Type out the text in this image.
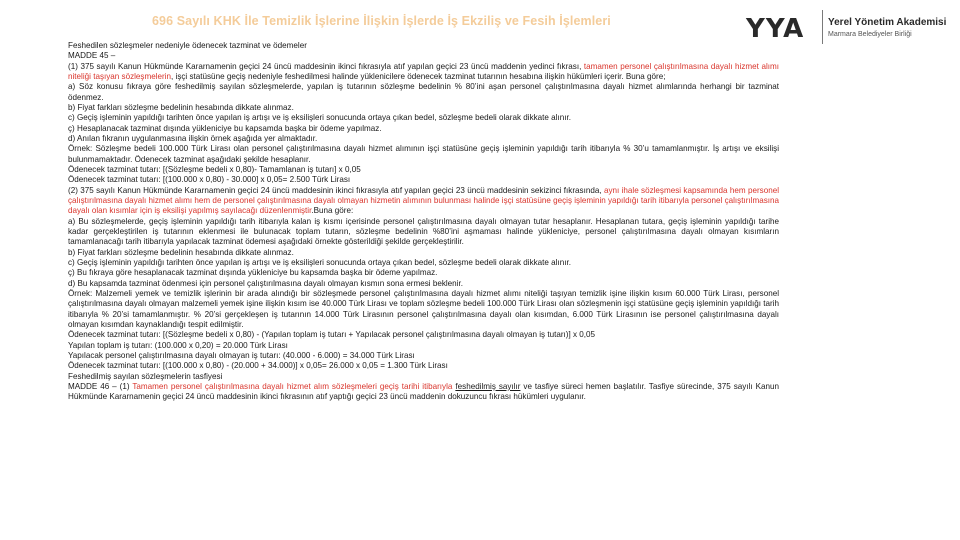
696 Sayılı KHK İle Temizlik İşlerine İlişkin İşlerde İş Ekziliş ve Fesih İşlemleri	YYA Yerel Yönetim Akademisi
Marmara Belediyeler Birliği

Feshedilen sözleşmeler nedeniyle ödenecek tazminat ve ödemeler

MADDE 45 –

(1) 375 sayılı Kanun Hükmünde Kararnamenin geçici 24 üncü maddesinin ikinci fıkrasıyla atıf yapılan geçici 23 üncü maddenin yedinci fıkrası, tamamen personel çalıştırılmasına dayalı hizmet alımı niteliği taşıyan sözleşmelerin, işçi statüsüne geçiş nedeniyle feshedilmesi halinde yüklenicilere ödenecek tazminat tutarının hesabına ilişkin hükümleri içerir. Buna göre;

a) Söz konusu fıkraya göre feshedilmiş sayılan sözleşmelerde, yapılan iş tutarının sözleşme bedelinin % 80’ini aşan personel çalıştırılmasına dayalı hizmet alımlarında herhangi bir tazminat ödenmez.

b) Fiyat farkları sözleşme bedelinin hesabında dikkate alınmaz.

c) Geçiş işleminin yapıldığı tarihten önce yapılan iş artışı ve iş eksilişleri sonucunda ortaya çıkan bedel, sözleşme bedeli olarak dikkate alınır.

ç) Hesaplanacak tazminat dışında yükleniciye bu kapsamda başka bir ödeme yapılmaz.

d) Anılan fıkranın uygulanmasına ilişkin örnek aşağıda yer almaktadır.

Örnek: Sözleşme bedeli 100.000 Türk Lirası olan personel çalıştırılmasına dayalı hizmet alımının işçi statüsüne geçiş işleminin yapıldığı tarih itibarıyla % 30’u tamamlanmıştır. İş artışı ve eksilişi bulunmamaktadır. Ödenecek tazminat aşağıdaki şekilde hesaplanır.

Ödenecek tazminat tutarı: [(Sözleşme bedeli x 0,80)- Tamamlanan iş tutarı] x 0,05

Ödenecek tazminat tutarı: [(100.000 x 0,80) - 30.000] x 0,05= 2.500 Türk Lirası

(2) 375 sayılı Kanun Hükmünde Kararnamenin geçici 24 üncü maddesinin ikinci fıkrasıyla atıf yapılan geçici 23 üncü maddesinin sekizinci fıkrasında, aynı ihale sözleşmesi kapsamında hem personel çalıştırılmasına dayalı hizmet alımı hem de personel çalıştırılmasına dayalı olmayan hizmetin alımının bulunması halinde işçi statüsüne geçiş işleminin yapıldığı tarih itibarıyla personel çalıştırılmasına dayalı olan kısımlar için iş eksilişi yapılmış sayılacağı düzenlenmiştir.Buna göre:

a) Bu sözleşmelerde, geçiş işleminin yapıldığı tarih itibarıyla kalan iş kısmı içerisinde personel çalıştırılmasına dayalı olmayan tutar hesaplanır. Hesaplanan tutara, geçiş işleminin yapıldığı tarihe kadar gerçekleştirilen iş tutarının eklenmesi ile bulunacak toplam tutarın, sözleşme bedelinin %80’ini aşmaması halinde yükleniciye, personel çalıştırılmasına dayalı olmayan kısımların tamamlanacağı tarih itibarıyla yapılacak tazminat ödemesi aşağıdaki örnekte gösterildiği şekilde gerçekleştirilir.

b) Fiyat farkları sözleşme bedelinin hesabında dikkate alınmaz.

c) Geçiş işleminin yapıldığı tarihten önce yapılan iş artışı ve iş eksilişleri sonucunda ortaya çıkan bedel, sözleşme bedeli olarak dikkate alınır.

ç) Bu fıkraya göre hesaplanacak tazminat dışında yükleniciye bu kapsamda başka bir ödeme yapılmaz.

d) Bu kapsamda tazminat ödenmesi için personel çalıştırılmasına dayalı olmayan kısmın sona ermesi beklenir.

Örnek: Malzemeli yemek ve temizlik işlerinin bir arada alındığı bir sözleşmede personel çalıştırılmasına dayalı hizmet alımı niteliği taşıyan temizlik işine ilişkin kısım 60.000 Türk Lirası, personel çalıştırılmasına dayalı olmayan malzemeli yemek işine ilişkin kısım ise 40.000 Türk Lirası ve toplam sözleşme bedeli 100.000 Türk Lirası olan sözleşmenin işçi statüsüne geçiş işleminin yapıldığı tarih itibarıyla % 20’si tamamlanmıştır. % 20’si gerçekleşen iş tutarının 14.000 Türk Lirasının personel çalıştırılmasına dayalı olan kısımdan, 6.000 Türk Lirasının ise personel çalıştırılmasına dayalı olmayan kısımdan kaynaklandığı tespit edilmiştir.

Ödenecek tazminat tutarı: [(Sözleşme bedeli x 0,80) - (Yapılan toplam iş tutarı + Yapılacak personel çalıştırılmasına dayalı olmayan iş tutarı)] x 0,05

Yapılan toplam iş tutarı: (100.000 x 0,20) = 20.000 Türk Lirası

Yapılacak personel çalıştırılmasına dayalı olmayan iş tutarı: (40.000 - 6.000) = 34.000 Türk Lirası

Ödenecek tazminat tutarı: [(100.000 x 0,80) - (20.000 + 34.000)] x 0,05= 26.000 x 0,05 = 1.300 Türk Lirası

Feshedilmiş sayılan sözleşmelerin tasfiyesi

MADDE 46 – (1) Tamamen personel çalıştırılmasına dayalı hizmet alım sözleşmeleri geçiş tarihi itibarıyla feshedilmiş sayılır ve tasfiye süreci hemen başlatılır. Tasfiye sürecinde, 375 sayılı Kanun Hükmünde Kararnamenin geçici 24 üncü maddesinin ikinci fıkrasının atıf yaptığı geçici 23 üncü maddenin dokuzuncu fıkrası hükümleri uygulanır.
